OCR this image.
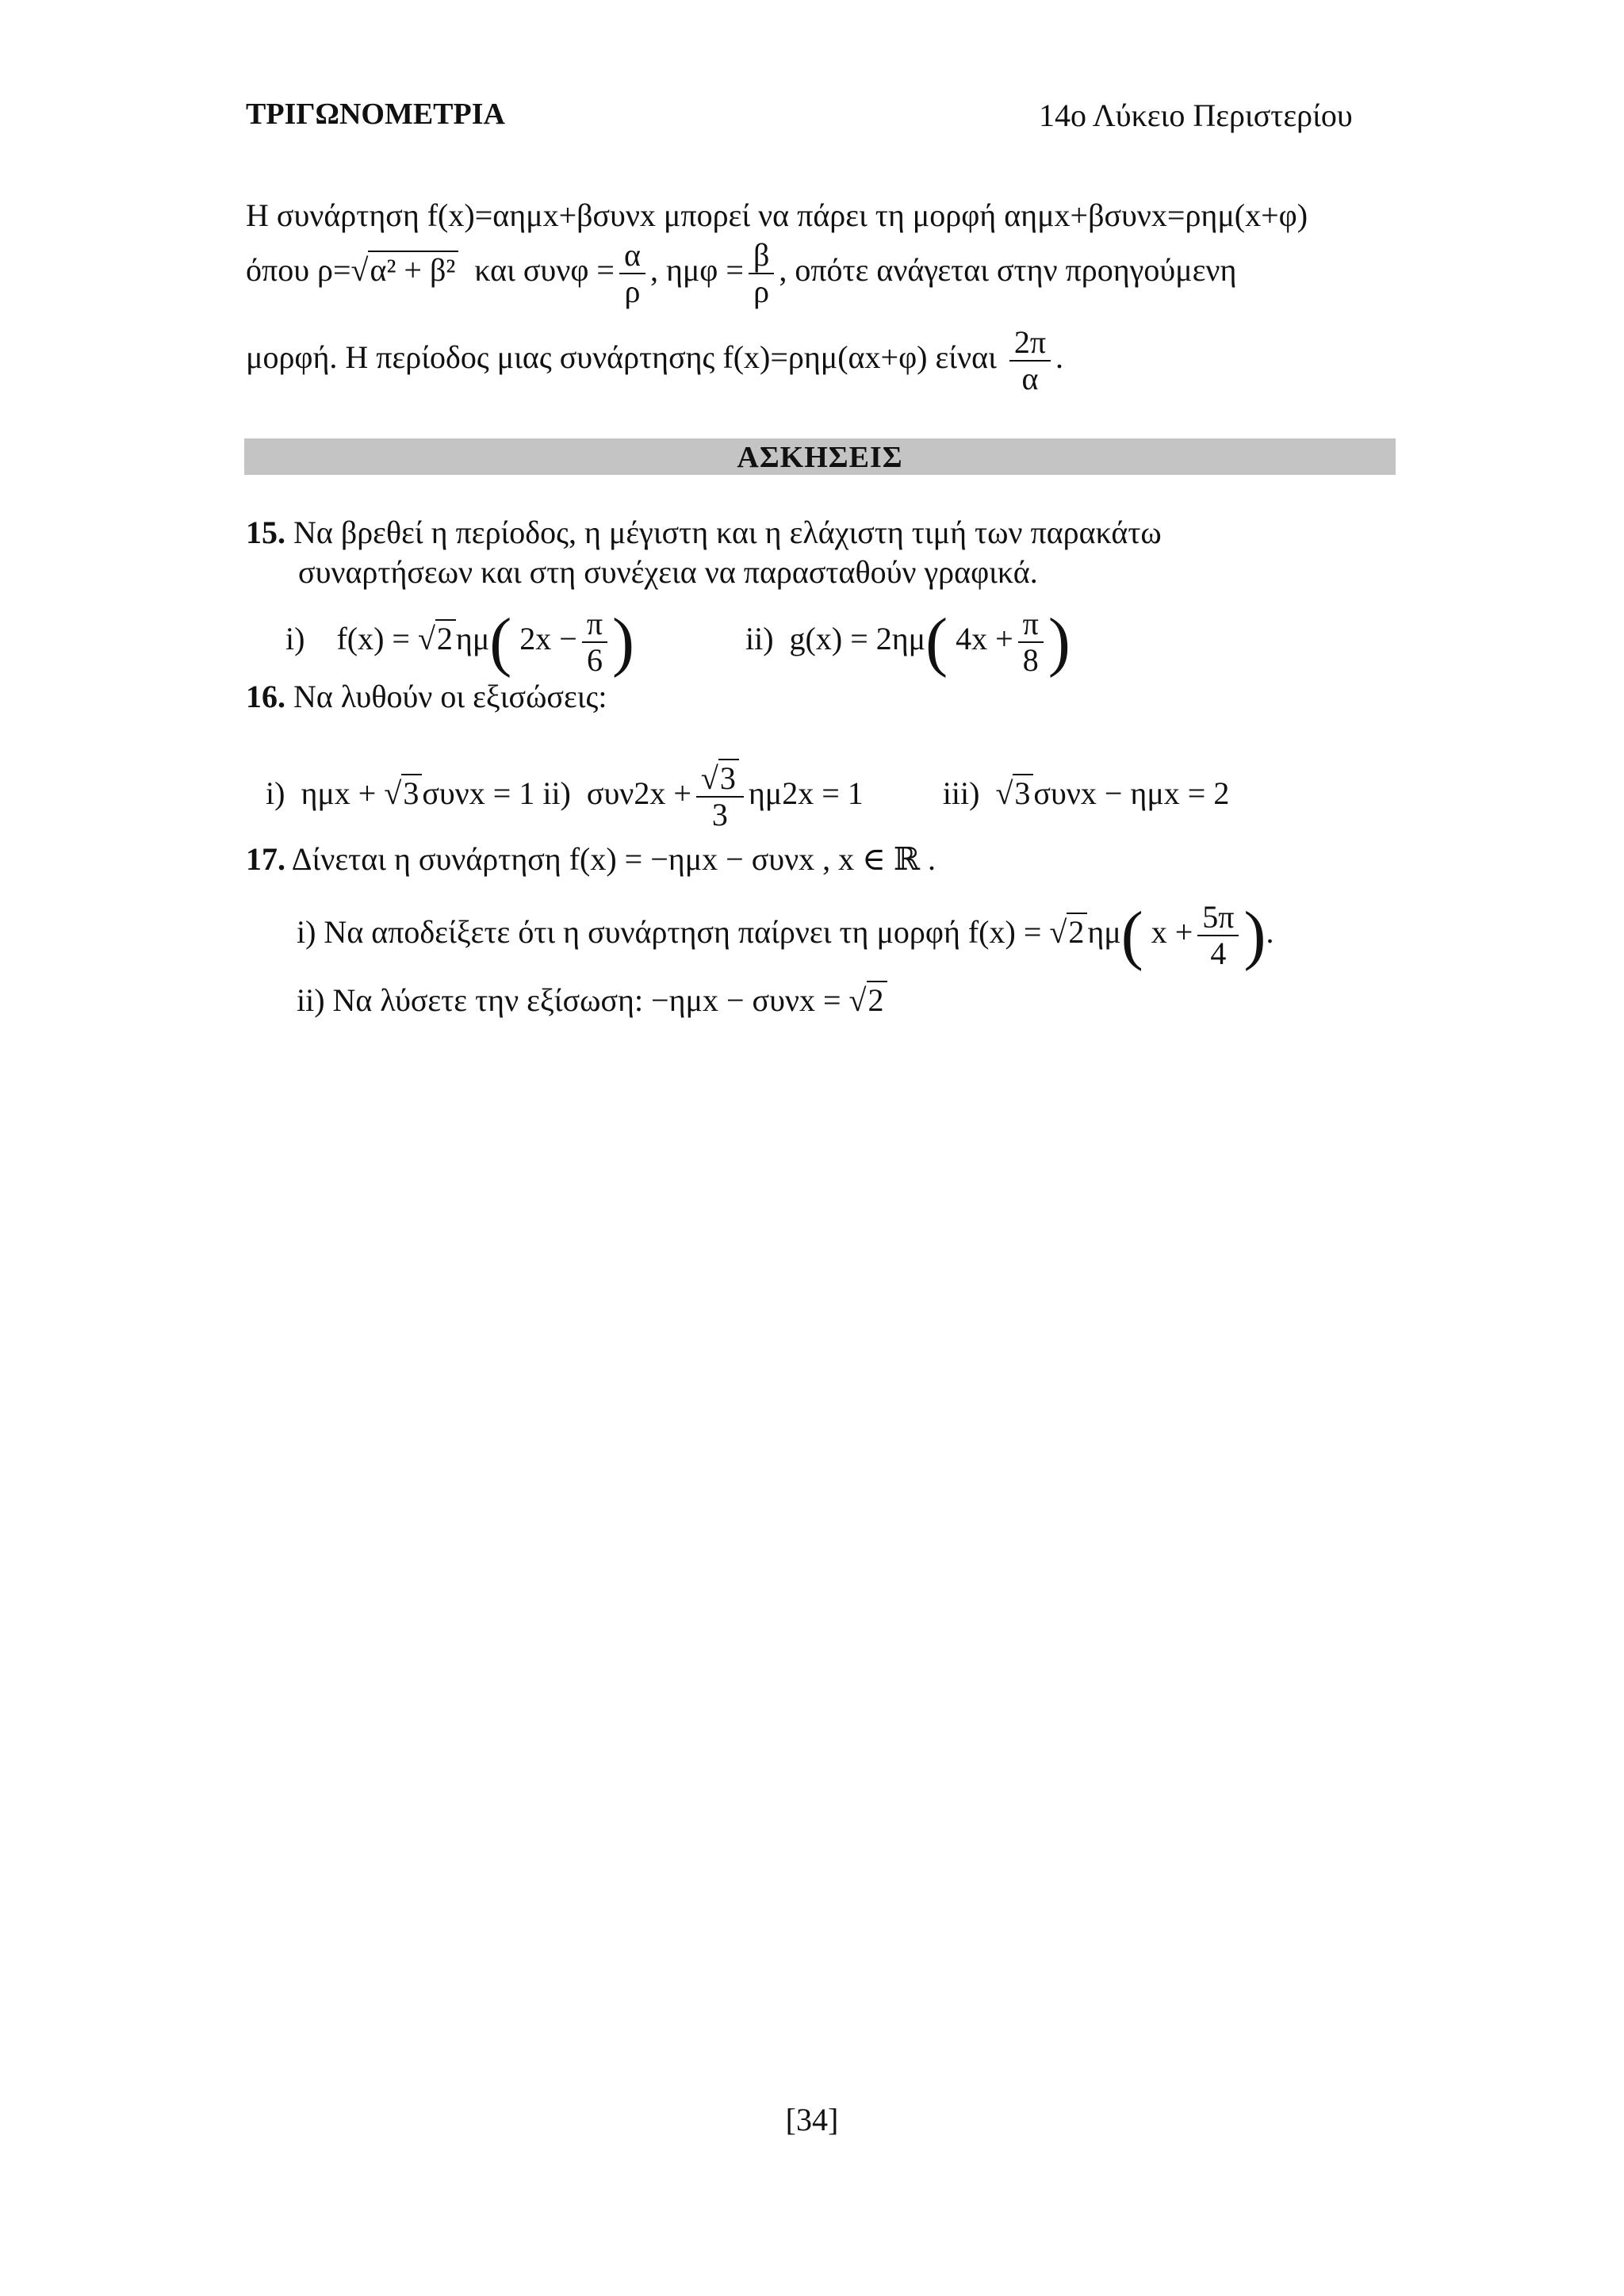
ΤΡΙΓΩΝΟΜΕΤΡΙΑ	14ο Λύκειο Περιστερίου
Η συνάρτηση f(x)=αημx+βσυνx μπορεί να πάρει τη μορφή αημx+βσυνx=ρημ(x+φ)
όπου ρ=√α² + β² και $\sigma\upsilon\nu\varphi = \frac{\alpha}{\rho}$ , $\eta\mu\varphi = \frac{\beta}{\rho}$ , οπότε ανάγεται στην προηγούμενη
μορφή. Η περίοδος μιας συνάρτησης f(x)=ρημ(αx+φ) είναι $\frac{2\pi}{\alpha}$ .
ΑΣΚΗΣΕΙΣ
15. Να βρεθεί η περίοδος, η μέγιστη και η ελάχιστη τιμή των παρακάτω
συναρτήσεων και στη συνέχεια να παρασταθούν γραφικά.
i) f(x) = √2 ημ( $2x - \frac{\pi}{6}$ )	ii) g(x) = 2ημ( $4x + \frac{\pi}{8}$ )
16. Να λυθούν οι εξισώσεις:
i) ημx + √3 συνx = 1 ii) $\sigma\upsilon\nu 2x + \frac{√3}{3} \eta\mu 2x = 1$	iii) √3 συνx − ημx = 2
17. Δίνεται η συνάρτηση f(x) = −ημx − συνx , x ∈ ℝ .
i) Να αποδείξετε ότι η συνάρτηση παίρνει τη μορφή f(x) = √2 ημ( $x + \frac{5\pi}{4}$ ).
ii) Να λύσετε την εξίσωση: −ημx − συνx = √2
[34]
